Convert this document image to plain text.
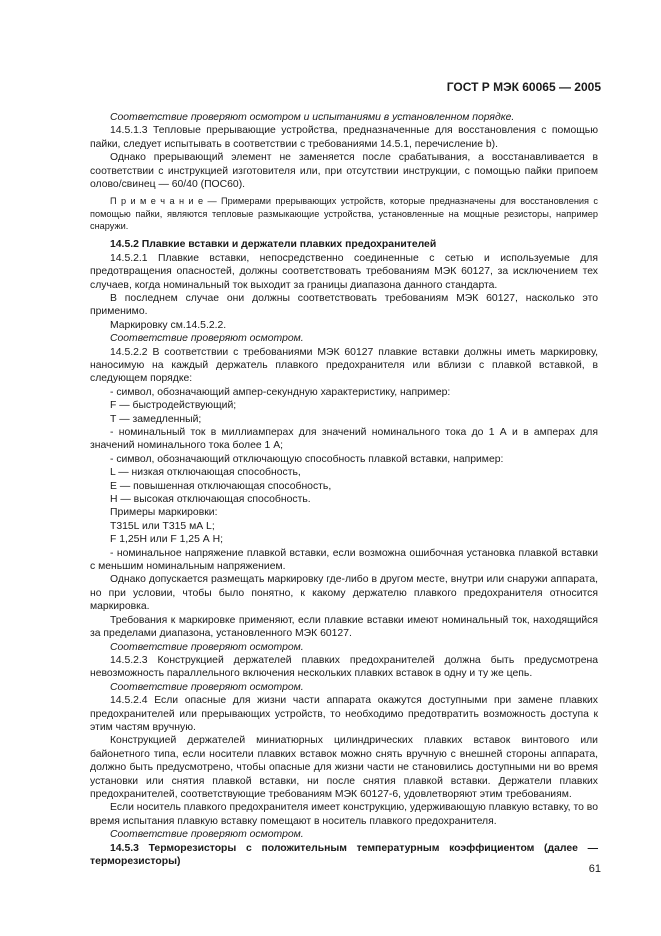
ГОСТ Р МЭК 60065 — 2005

Соответствие проверяют осмотром и испытаниями в установленном порядке.

14.5.1.3 Тепловые прерывающие устройства, предназначенные для восстановления с помощью пайки, следует испытывать в соответствии с требованиями 14.5.1, перечисление b).

Однако прерывающий элемент не заменяется после срабатывания, а восстанавливается в соответствии с инструкцией изготовителя или, при отсутствии инструкции, с помощью пайки припоем олово/свинец — 60/40 (ПОС60).

П р и м е ч а н и е — Примерами прерывающих устройств, которые предназначены для восстановления с помощью пайки, являются тепловые размыкающие устройства, установленные на мощные резисторы, например снаружи.

14.5.2 Плавкие вставки и держатели плавких предохранителей

14.5.2.1 Плавкие вставки, непосредственно соединенные с сетью и используемые для предотвращения опасностей, должны соответствовать требованиям МЭК 60127, за исключением тех случаев, когда номинальный ток выходит за границы диапазона данного стандарта.

В последнем случае они должны соответствовать требованиям МЭК 60127, насколько это применимо.

Маркировку см.14.5.2.2.

Соответствие проверяют осмотром.

14.5.2.2 В соответствии с требованиями МЭК 60127 плавкие вставки должны иметь маркировку, наносимую на каждый держатель плавкого предохранителя или вблизи с плавкой вставкой, в следующем порядке:

- символ, обозначающий ампер-секундную характеристику, например:

F — быстродействующий;

Т — замедленный;

- номинальный ток в миллиамперах для значений номинального тока до 1 А и в амперах для значений номинального тока более 1 А;

- символ, обозначающий отключающую способность плавкой вставки, например:

L — низкая отключающая способность,

Е — повышенная отключающая способность,

Н — высокая отключающая способность.

Примеры маркировки:

T315L или Т315 мА L;

F 1,25Н или F 1,25 А Н;

- номинальное напряжение плавкой вставки, если возможна ошибочная установка плавкой вставки с меньшим номинальным напряжением.

Однако допускается размещать маркировку где-либо в другом месте, внутри или снаружи аппарата, но при условии, чтобы было понятно, к какому держателю плавкого предохранителя относится маркировка.

Требования к маркировке применяют, если плавкие вставки имеют номинальный ток, находящийся за пределами диапазона, установленного МЭК 60127.

Соответствие проверяют осмотром.

14.5.2.3 Конструкцией держателей плавких предохранителей должна быть предусмотрена невозможность параллельного включения нескольких плавких вставок в одну и ту же цепь.

Соответствие проверяют осмотром.

14.5.2.4 Если опасные для жизни части аппарата окажутся доступными при замене плавких предохранителей или прерывающих устройств, то необходимо предотвратить возможность доступа к этим частям вручную.

Конструкцией держателей миниатюрных цилиндрических плавких вставок винтового или байонетного типа, если носители плавких вставок можно снять вручную с внешней стороны аппарата, должно быть предусмотрено, чтобы опасные для жизни части не становились доступными ни во время установки или снятия плавкой вставки, ни после снятия плавкой вставки. Держатели плавких предохранителей, соответствующие требованиям МЭК 60127-6, удовлетворяют этим требованиям.

Если носитель плавкого предохранителя имеет конструкцию, удерживающую плавкую вставку, то во время испытания плавкую вставку помещают в носитель плавкого предохранителя.

Соответствие проверяют осмотром.

14.5.3 Терморезисторы с положительным температурным коэффициентом (далее — терморезисторы)

61
